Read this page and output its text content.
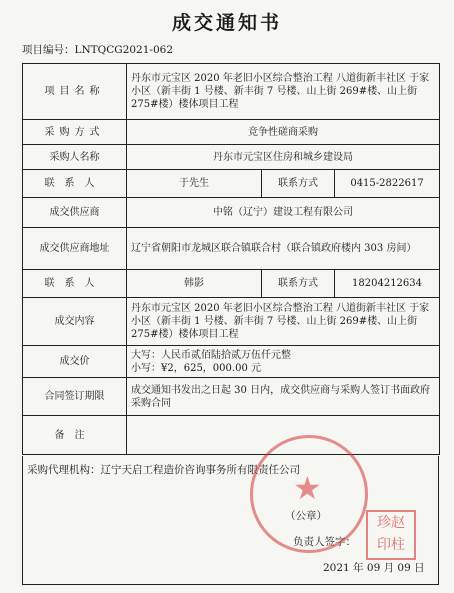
成交通知书
项目编号：LNTQCG2021-062
项目名称	丹东市元宝区 2020 年老旧小区综合整治工程 八道街新丰社区 于家小区（新丰街 1 号楼、新丰街 7 号楼、山上街 269#楼、山上街 275#楼）楼体项目工程		
采购方式	竞争性磋商采购		
采购人名称	丹东市元宝区住房和城乡建设局		
联系人	于先生	联系方式	0415-2822617
成交供应商	中铭（辽宁）建设工程有限公司		
成交供应商地址	辽宁省朝阳市龙城区联合镇联合村（联合镇政府楼内 303 房间）		
联系人	韩影	联系方式	18204212634
成交内容	丹东市元宝区 2020 年老旧小区综合整治工程 八道街新丰社区 于家小区（新丰街 1 号楼、新丰街 7 号楼、山上街 269#楼、山上街 275#楼）楼体项目工程		
成交价	大写：人民币贰佰陆拾贰万伍仟元整
小写：¥2，625，000.00 元		

合同签订期限	成交通知书发出之日起 30 日内，成交供应商与采购人签订书面政府采购合同		
备注			
采购代理机构：辽宁天启工程造价咨询事务所有限责任公司
（公章）
负责人签字：
2021 年 09 月 09 日
★
珍赵
印柱
